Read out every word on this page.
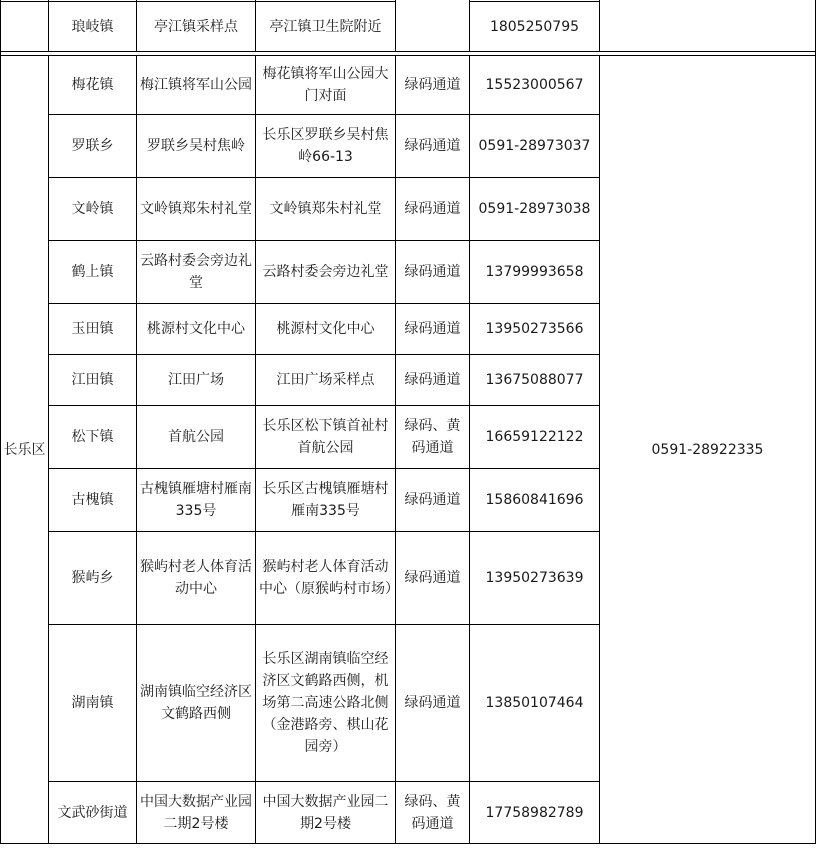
	琅岐镇	亭江镇采样点	亭江镇卫生院附近		1805250795	

长乐区	梅花镇	梅江镇将军山公园	梅花镇将军山公园大门对面	绿码通道	15523000567	0591-28922335
	罗联乡	罗联乡吴村焦岭	长乐区罗联乡吴村焦岭66-13	绿码通道	0591-28973037	
	文岭镇	文岭镇郑朱村礼堂	文岭镇郑朱村礼堂	绿码通道	0591-28973038	
	鹤上镇	云路村委会旁边礼堂	云路村委会旁边礼堂	绿码通道	13799993658	
	玉田镇	桃源村文化中心	桃源村文化中心	绿码通道	13950273566	
	江田镇	江田广场	江田广场采样点	绿码通道	13675088077	
	松下镇	首航公园	长乐区松下镇首祉村首航公园	绿码、黄码通道	16659122122	
	古槐镇	古槐镇雁塘村雁南335号	长乐区古槐镇雁塘村雁南335号	绿码通道	15860841696	
	猴屿乡	猴屿村老人体育活动中心	猴屿村老人体育活动中心（原猴屿村市场）	绿码通道	13950273639	
	湖南镇	湖南镇临空经济区文鹤路西侧	长乐区湖南镇临空经济区文鹤路西侧，机场第二高速公路北侧（金港路旁、棋山花园旁）	绿码通道	13850107464	
	文武砂街道	中国大数据产业园二期2号楼	中国大数据产业园二期2号楼	绿码、黄码通道	17758982789	
